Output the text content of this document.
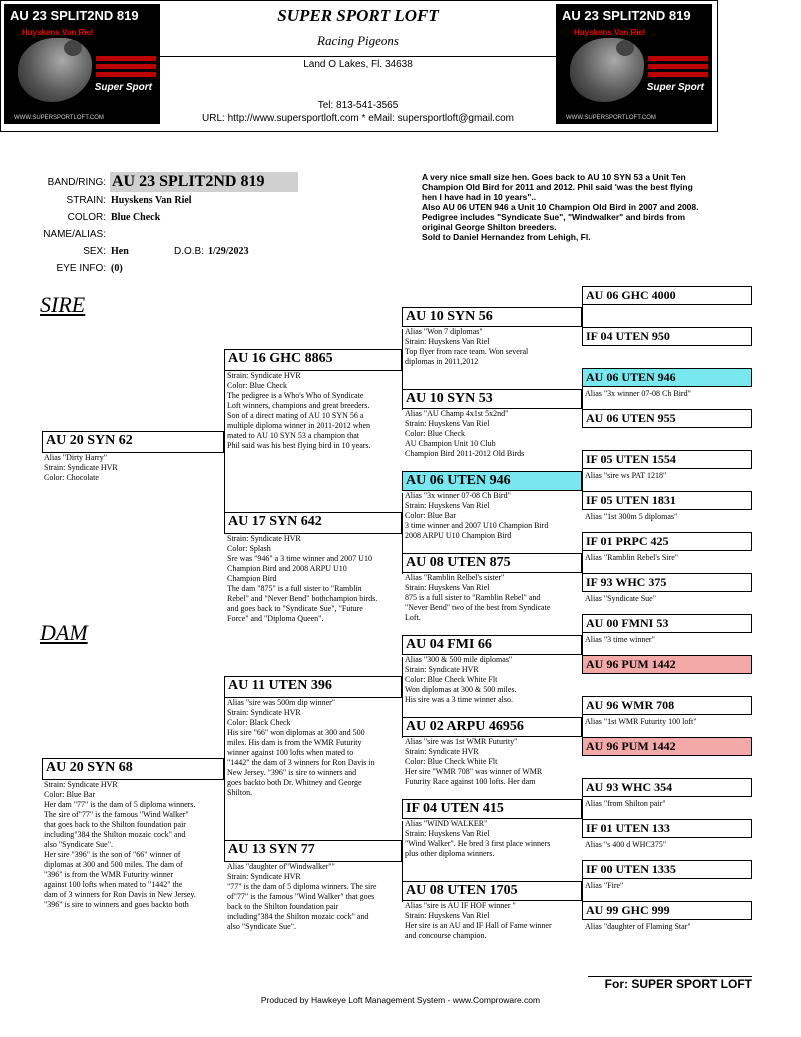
AU 23 SPLIT2ND 819
Huyskens Van Riel
Super Sport
WWW.SUPERSPORTLOFT.COM
SUPER SPORT LOFT
Racing Pigeons
Land O Lakes, Fl. 34638
Tel: 813-541-3565
URL: http://www.supersportloft.com * eMail: supersportloft@gmail.com
AU 23 SPLIT2ND 819
Huyskens Van Riel
Super Sport
WWW.SUPERSPORTLOFT.COM
BAND/RING: AU 23 SPLIT2ND 819
STRAIN: Huyskens Van Riel
COLOR: Blue Check
NAME/ALIAS:
SEX: Hen	D.O.B: 1/29/2023
EYE INFO: (0)
A very nice small size hen. Goes back to AU 10 SYN 53 a Unit Ten
Champion Old Bird for 2011 and 2012. Phil said 'was the best flying
hen I have had in 10 years"..
Also AU 06 UTEN 946 a Unit 10 Champion Old Bird in 2007 and 2008.
Pedigree includes "Syndicate Sue", "Windwalker" and birds from
original George Shilton breeders.
Sold to Daniel Hernandez from Lehigh, Fl.
SIRE
DAM
AU 20 SYN 62
Alias "Dirty Harry"
Strain: Syndicate HVR
Color: Chocolate
AU 20 SYN 68
Strain: Syndicate HVR
Color: Blue Bar
Her dam "77" is the dam of 5 diploma winners.
The sire of"77" is the famous "Wind Walker"
that goes back to the Shilton foundation pair
including"384 the Shilton mozaic cock" and
also "Syndicate Sue".
Her sire "396" is the son of "66" winner of
diplomas at 300 and 500 miles. The dam of
"396" is from the WMR Futurity winner
against 100 lofts when mated to "1442" the
dam of 3 winners for Ron Davis in New Jersey.
"396" is sire to winners and goes backto both
AU 16 GHC 8865
Strain: Syndicate HVR
Color: Blue Check
The pedigree is a Who's Who of Syndicate
Loft winners, champions and great breeders.
Son of a direct mating of AU 10 SYN 56 a
multiple diploma winner in 2011-2012 when
mated to AU 10 SYN 53 a champion that
Phil said was his best flying bird in 10 years.
AU 17 SYN 642
Strain: Syndicate HVR
Color: Splash
Sre was "946" a 3 time winner and 2007 U10
Champion Bird and 2008 ARPU U10
Champion Bird
The dam "875" is a full sister to "Ramblin
Rebel" and "Never Bend" bothchampion birds.
and goes back to "Syndicate Sue", "Future
Force" and "Diploma Queen".
AU 11 UTEN 396
Alias "sire was 500m dip winner"
Strain: Syndicate HVR
Color: Black Check
His sire "66" won diplomas at 300 and 500
miles. His dam is from the WMR Futurity
winner against 100 lofts when mated to
"1442" the dam of 3 winners for Ron Davis in
New Jersey. "396" is sire to winners and
goes backto both Dr. Whitney and George
Shilton.
AU 13 SYN 77
Alias "daughter of"Windwalker""
Strain: Syndicate HVR
"77" is the dam of 5 diploma winners. The sire
of"77" is the famous "Wind Walker" that goes
back to the Shilton foundation pair
including"384 the Shilton mozaic cock" and
also "Syndicate Sue".
AU 10 SYN 56
Alias "Won 7 diplomas"
Strain: Huyskens Van Riel
Top flyer from race team. Won several
diplomas in 2011,2012
AU 10 SYN 53
Alias "AU Champ 4x1st 5x2nd"
Strain: Huyskens Van Riel
Color: Blue Check
AU Champion Unit 10 Club
Champion Bird 2011-2012 Old Birds
AU 06 UTEN 946
Alias "3x winner 07-08 Ch Bird"
Strain: Huyskens Van Riel
Color: Blue Bar
3 time winner and 2007 U10 Champion Bird
2008 ARPU U10 Champion Bird
AU 08 UTEN 875
Alias "Ramblin Relbel's sister"
Strain: Huyskens Van Riel
875 is a full sister to "Ramblin Rebel" and
"Never Bend" two of the best from Syndicate
Loft.
AU 04 FMI 66
Alias "300 & 500 mile diplomas"
Strain: Syndicate HVR
Color: Blue Check White Flt
Won diplomas at 300 & 500 miles.
His sire was a 3 time winner also.
AU 02 ARPU 46956
Alias "sire was 1st WMR Futurity"
Strain: Syndicate HVR
Color: Blue Check White Flt
Her sire "WMR 708" was winner of WMR
Futurity Race against 100 lofts. Her dam
IF 04 UTEN 415
Alias "WIND WALKER"
Strain: Huyskens Van Riel
"Wind Walker". He bred 3 first place winners
plus other diploma winners.
AU 08 UTEN 1705
Alias "sire is AU IF HOF winner "
Strain: Huyskens Van Riel
Her sire is an AU and IF Hall of Fame winner
and concourse champion.
AU 06 GHC 4000
IF 04 UTEN 950
AU 06 UTEN 946
Alias "3x winner 07-08 Ch Bird"
AU 06 UTEN 955
IF 05 UTEN 1554
Alias "sire ws PAT 1218"
IF 05 UTEN 1831
Alias "1st 300m 5 diplomas"
IF 01 PRPC 425
Alias "Ramblin Rebel's Sire"
IF 93 WHC 375
Alias "Syndicate Sue"
AU 00 FMNI 53
Alias "3 time winner"
AU 96 PUM 1442
AU 96 WMR 708
Alias "1st WMR Futurity 100 loft"
AU 96 PUM 1442
AU 93 WHC 354
Alias "from Shilton pair"
IF 01 UTEN 133
Alias "s 400 d WHC375"
IF 00 UTEN 1335
Alias "Fire"
AU 99 GHC 999
Alias "daughter of Flaming Star"
For: SUPER SPORT LOFT
Produced by Hawkeye Loft Management System - www.Comproware.com
